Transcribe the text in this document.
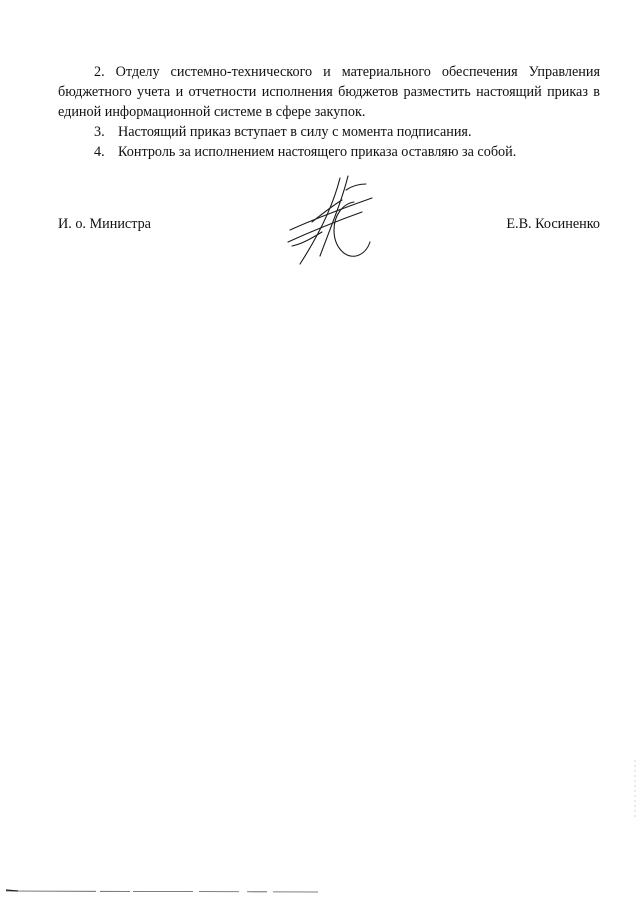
2. Отделу системно-технического и материального обеспечения Управления бюджетного учета и отчетности исполнения бюджетов разместить настоящий приказ в единой информационной системе в сфере закупок.

3. Настоящий приказ вступает в силу с момента подписания.

4. Контроль за исполнением настоящего приказа оставляю за собой.

И. о. Министра	Е.В. Косиненко
